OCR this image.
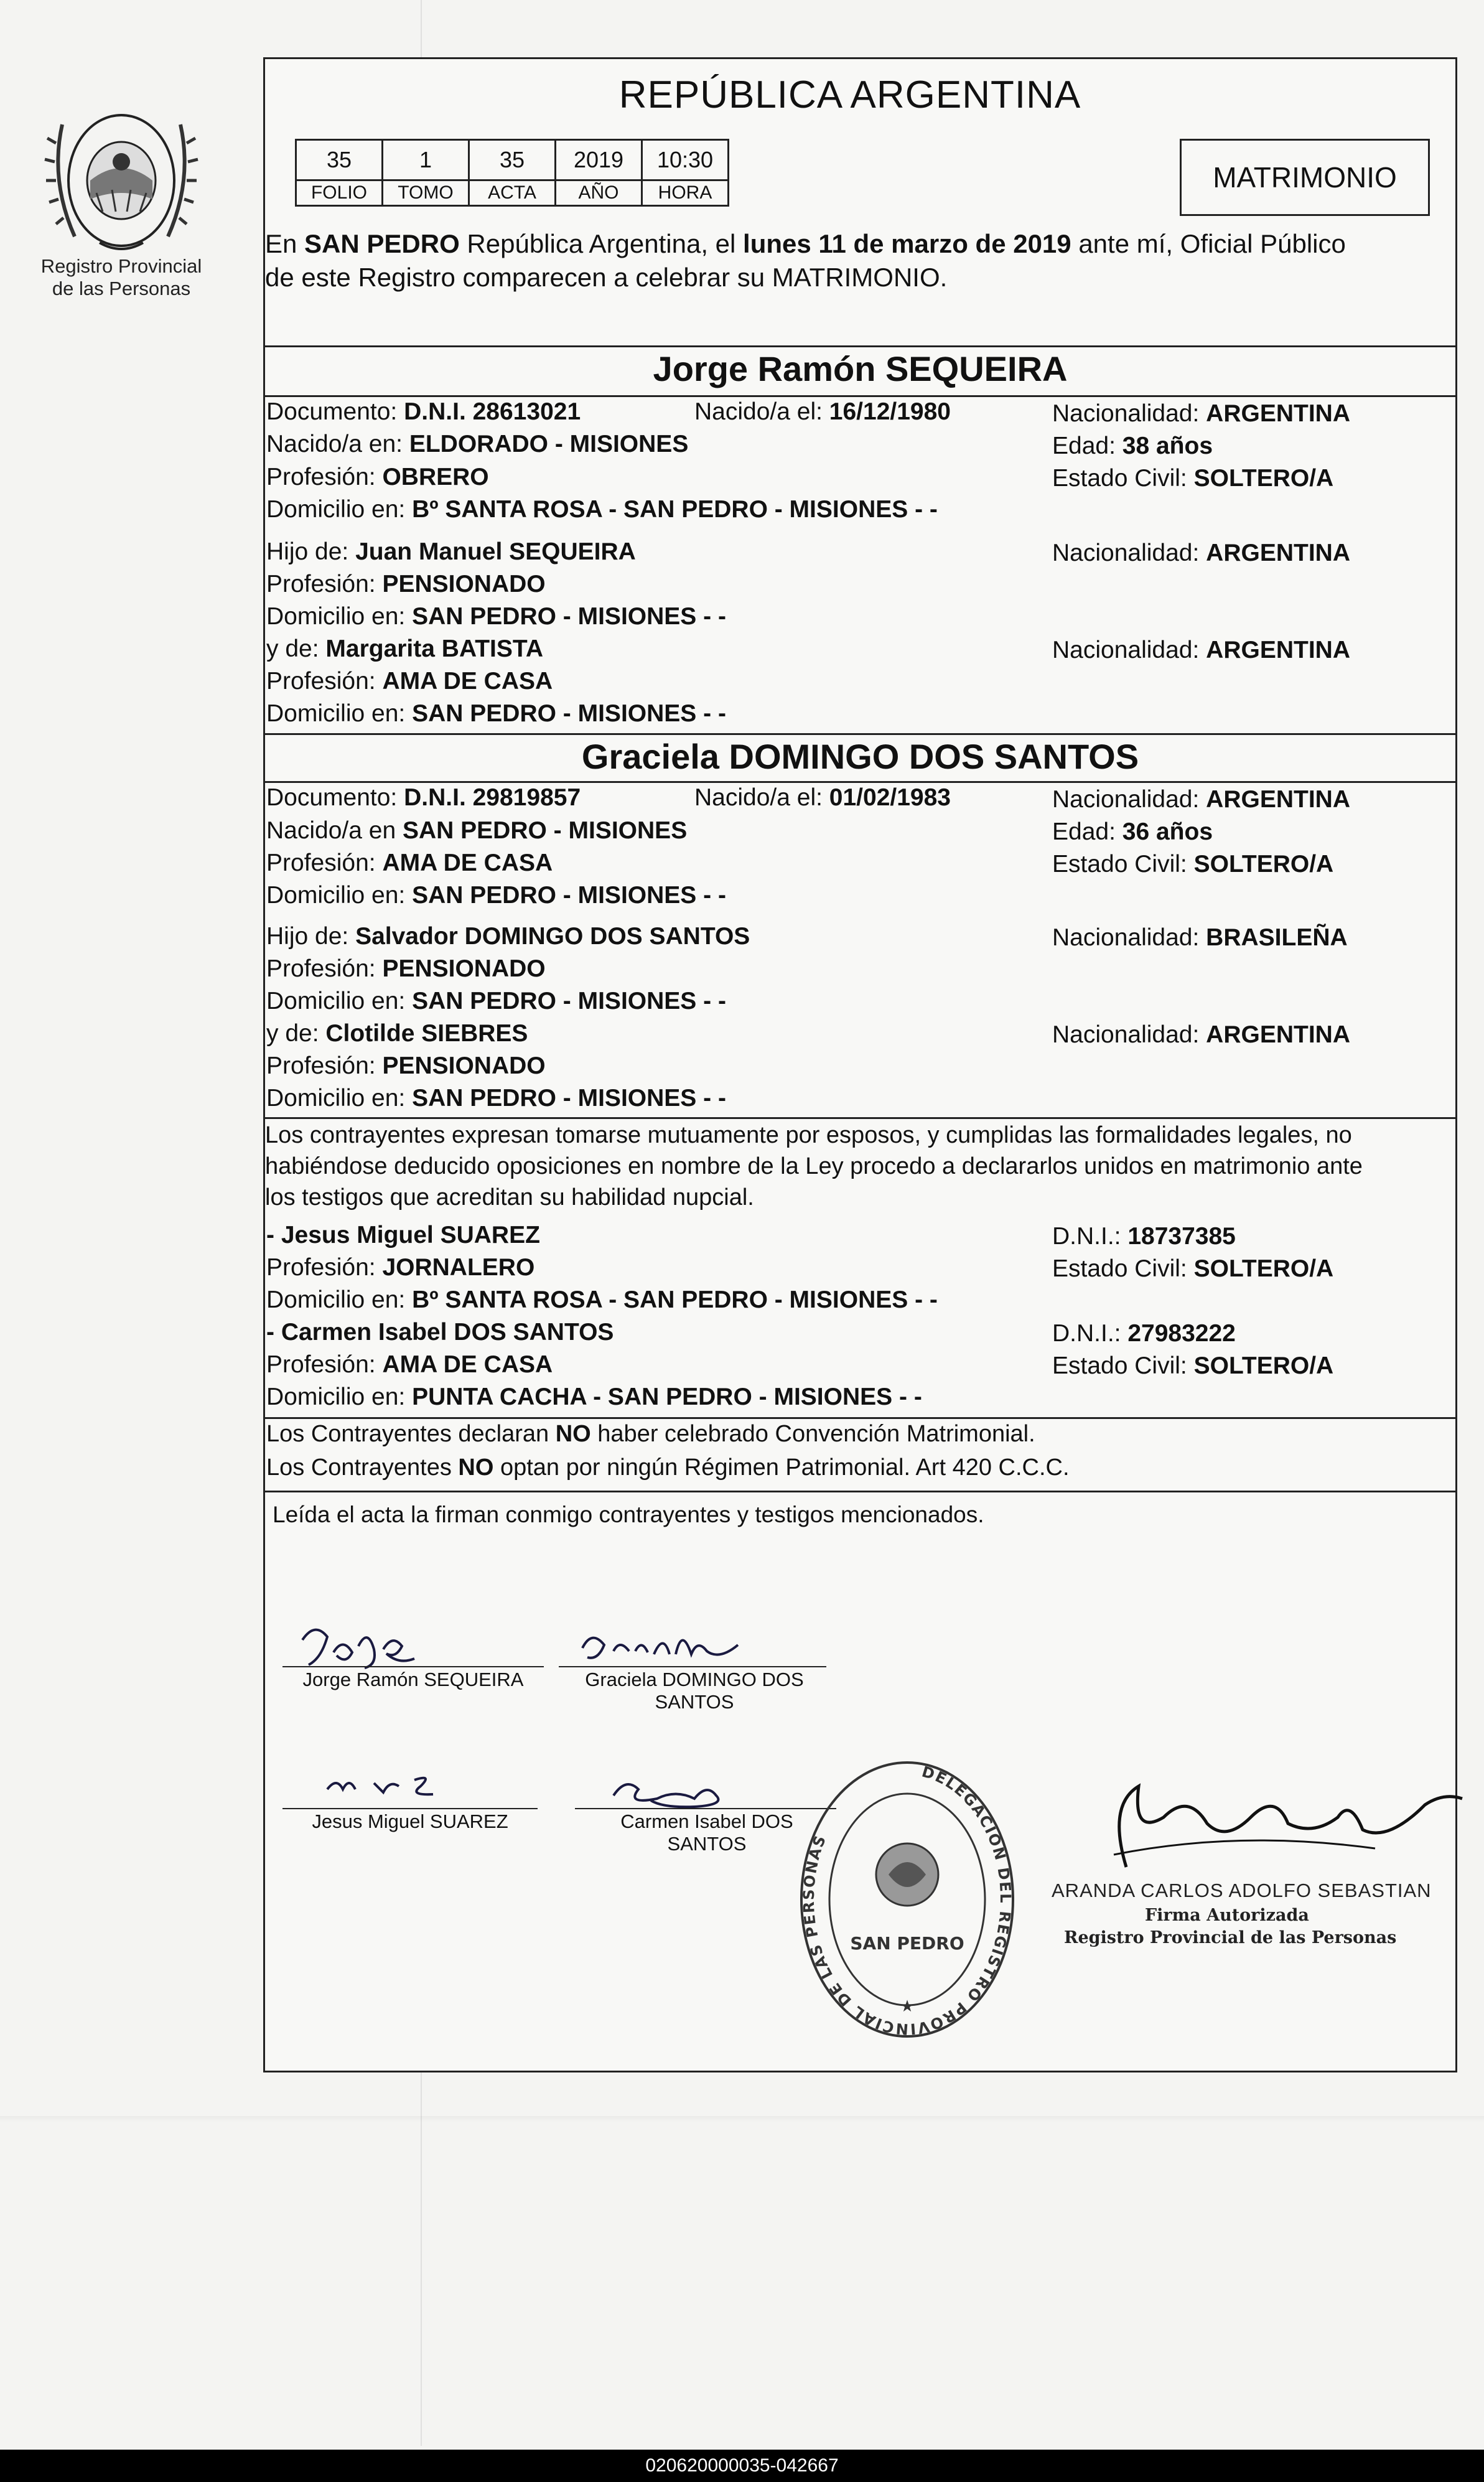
Registro Provincial
de las Personas
REPÚBLICA ARGENTINA
35	1	35	2019	10:30
FOLIO	TOMO	ACTA	AÑO	HORA	MATRIMONIO
En SAN PEDRO República Argentina, el lunes 11 de marzo de 2019 ante mí, Oficial Público
de este Registro comparecen a celebrar su MATRIMONIO.
Jorge Ramón SEQUEIRA
Documento: D.N.I. 28613021	Nacido/a el: 16/12/1980	Nacionalidad: ARGENTINA
Nacido/a en: ELDORADO - MISIONES	Edad: 38 años
Profesión: OBRERO	Estado Civil: SOLTERO/A
Domicilio en: Bº SANTA ROSA - SAN PEDRO - MISIONES - -
Hijo de: Juan Manuel SEQUEIRA	Nacionalidad: ARGENTINA
Profesión: PENSIONADO
Domicilio en: SAN PEDRO - MISIONES - -
y de: Margarita BATISTA	Nacionalidad: ARGENTINA
Profesión: AMA DE CASA
Domicilio en: SAN PEDRO - MISIONES - -
Graciela DOMINGO DOS SANTOS
Documento: D.N.I. 29819857	Nacido/a el: 01/02/1983	Nacionalidad: ARGENTINA
Nacido/a en SAN PEDRO - MISIONES	Edad: 36 años
Profesión: AMA DE CASA	Estado Civil: SOLTERO/A
Domicilio en: SAN PEDRO - MISIONES - -
Hijo de: Salvador DOMINGO DOS SANTOS	Nacionalidad: BRASILEÑA
Profesión: PENSIONADO
Domicilio en: SAN PEDRO - MISIONES - -
y de: Clotilde SIEBRES	Nacionalidad: ARGENTINA
Profesión: PENSIONADO
Domicilio en: SAN PEDRO - MISIONES - -
Los contrayentes expresan tomarse mutuamente por esposos, y cumplidas las formalidades legales, no
habiéndose deducido oposiciones en nombre de la Ley procedo a declararlos unidos en matrimonio ante
los testigos que acreditan su habilidad nupcial.
- Jesus Miguel SUAREZ	D.N.I.: 18737385
Profesión: JORNALERO	Estado Civil: SOLTERO/A
Domicilio en: Bº SANTA ROSA - SAN PEDRO - MISIONES - -
- Carmen Isabel DOS SANTOS	D.N.I.: 27983222
Profesión: AMA DE CASA	Estado Civil: SOLTERO/A
Domicilio en: PUNTA CACHA - SAN PEDRO - MISIONES - -
Los Contrayentes declaran NO haber celebrado Convención Matrimonial.
Los Contrayentes NO optan por ningún Régimen Patrimonial. Art 420 C.C.C.
Leída el acta la firman conmigo contrayentes y testigos mencionados.
Jorge Ramón SEQUEIRA	Graciela DOMINGO DOS
SANTOS
Jesus Miguel SUAREZ	Carmen Isabel DOS
SANTOS
DELEGACION DEL REGISTRO PROVINCIAL DE LAS PERSONAS
SAN PEDRO
★
ARANDA CARLOS ADOLFO SEBASTIAN
Firma Autorizada
Registro Provincial de las Personas
020620000035-042667
